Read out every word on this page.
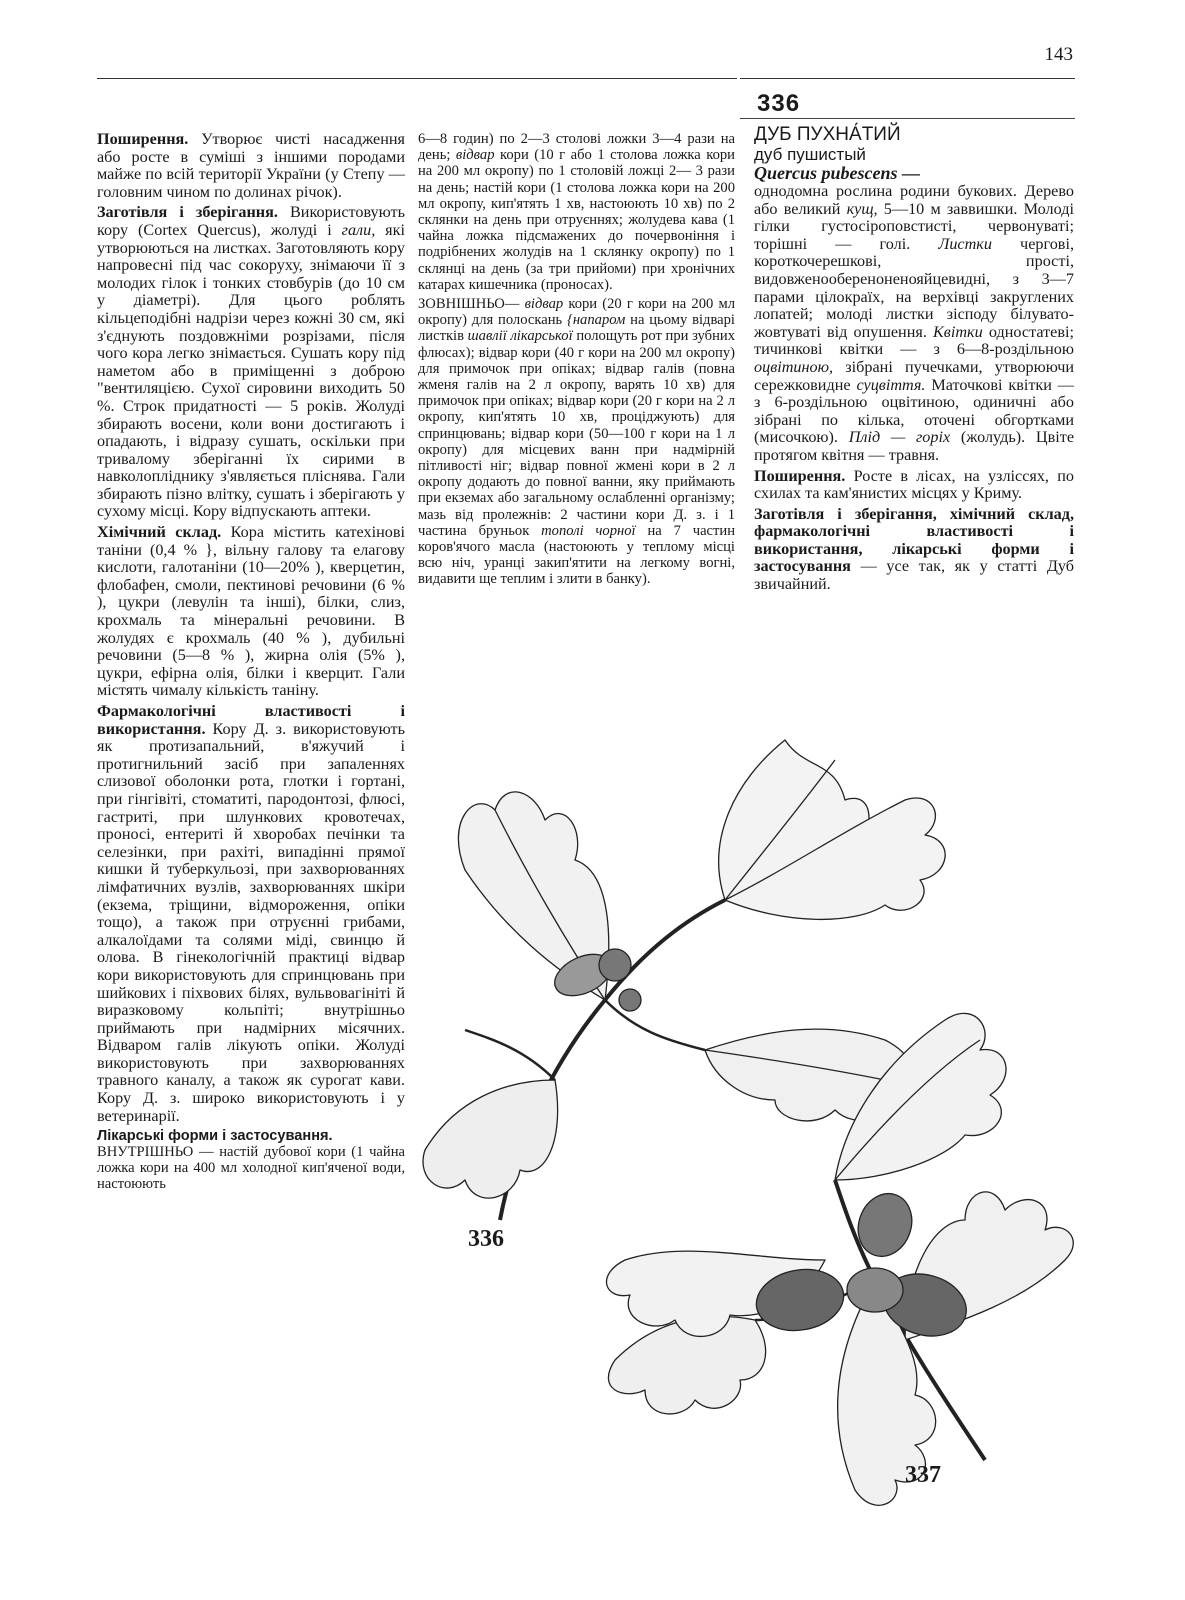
143
336

Поширення. Утворює чисті насадження або росте в суміші з іншими породами майже по всій території України (у Степу — головним чином по долинах річок).

Заготівля і зберігання. Використовують кору (Cortex Quercus), жолуді і гали, які утворюються на листках. Заготовляють кору напровесні під час сокоруху, знімаючи її з молодих гілок і тонких стовбурів (до 10 см у діаметрі). Для цього роблять кільцеподібні надрізи через кожні 30 см, які з'єднують поздовжніми розрізами, після чого кора легко знімається. Сушать кору під наметом або в приміщенні з доброю "вентиляцією. Сухої сировини виходить 50 %. Строк придатності — 5 років. Жолуді збирають восени, коли вони достигають і опадають, і відразу сушать, оскільки при тривалому зберіганні їх сирими в навколопліднику з'являється пліснява. Гали збирають пізно влітку, сушать і зберігають у сухому місці. Кору відпускають аптеки.

Хімічний склад. Кора містить катехінові таніни (0,4 % }, вільну галову та елагову кислоти, галотаніни (10—20% ), кверцетин, флобафен, смоли, пектинові речовини (6 % ), цукри (левулін та інші), білки, слиз, крохмаль та мінеральні речовини. В жолудях є крохмаль (40 % ), дубильні речовини (5—8 % ), жирна олія (5% ), цукри, ефірна олія, білки і кверцит. Гали містять чималу кількість таніну.

Фармакологічні властивості і використання. Кору Д. з. використовують як протизапальний, в'яжучий і протигнильний засіб при запаленнях слизової оболонки рота, глотки і гортані, при гінгівіті, стоматиті, пародонтозі, флюсі, гастриті, при шлункових кровотечах, проносі, ентериті й хворобах печінки та селезінки, при рахіті, випадінні прямої кишки й туберкульозі, при захворюваннях лімфатичних вузлів, захворюваннях шкіри (екзема, тріщини, відмороження, опіки тощо), а також при отруєнні грибами, алкалоїдами та солями міді, свинцю й олова. В гінекологічній практиці відвар кори використовують для спринцювань при шийкових і піхвових білях, вульвовагініті й виразковому кольпіті; внутрішньо приймають при надмірних місячних. Відваром галів лікують опіки. Жолуді використовують при захворюваннях травного каналу, а також як сурогат кави. Кору Д. з. широко використовують і у ветеринарії.

Лікарські форми і застосування.
ВНУТРІШНЬО — настій дубової кори (1 чайна ложка кори на 400 мл холодної кип'яченої води, настоюють

6—8 годин) по 2—3 столові ложки 3—4 рази на день; відвар кори (10 г або 1 столова ложка кори на 200 мл окропу) по 1 столовій ложці 2— 3 рази на день; настій кори (1 столова ложка кори на 200 мл окропу, кип'ятять 1 хв, настоюють 10 хв) по 2 склянки на день при отруєннях; жолудева кава (1 чайна ложка підсмажених до почервоніння і подрібнених жолудів на 1 склянку окропу) по 1 склянці на день (за три прийоми) при хронічних катарах кишечника (проносах).

ЗОВНІШНЬО— відвар кори (20 г кори на 200 мл окропу) для полоскань {напаром на цьому відварі листків шавлії лікарської полощуть рот при зубних флюсах); відвар кори (40 г кори на 200 мл окропу) для примочок при опіках; відвар галів (повна жменя галів на 2 л окропу, варять 10 хв) для примочок при опіках; відвар кори (20 г кори на 2 л окропу, кип'ятять 10 хв, проціджують) для спринцювань; відвар кори (50—100 г кори на 1 л окропу) для місцевих ванн при надмірній пітливості ніг; відвар повної жмені кори в 2 л окропу додають до повної ванни, яку приймають при екземах або загальному ослабленні організму; мазь від пролежнів: 2 частини кори Д. з. і 1 частина бруньок тополі чорної на 7 частин коров'ячого масла (настоюють у теплому місці всю ніч, уранці закип'ятити на легкому вогні, видавити ще теплим і злити в банку).

ДУБ ПУХНА́ТИЙ
дуб пушистый
Quercus pubescens —

однодомна рослина родини букових. Дерево або великий кущ, 5—10 м заввишки. Молоді гілки густосіроповстисті, червонуваті; торішні — голі. Листки чергові, короткочерешкові, прості, видовженообереноненояйцевидні, з 3—7 парами цілокраїх, на верхівці закруглених лопатей; молоді листки зісподу білувато-жовтуваті від опушення. Квітки одностатеві; тичинкові квітки — з 6—8-роздільною оцвітиною, зібрані пучечками, утворюючи сережковидне суцвіття. Маточкові квітки — з 6-роздільною оцвітиною, одиничні або зібрані по кілька, оточені обгортками (мисочкою). Плід — горіх (жолудь). Цвіте протягом квітня — травня.

Поширення. Росте в лісах, на узліссях, по схилах та кам'янистих місцях у Криму.

Заготівля і зберігання, хімічний склад, фармакологічні властивості і використання, лікарські форми і застосування — усе так, як у статті Дуб звичайний.

336
337
